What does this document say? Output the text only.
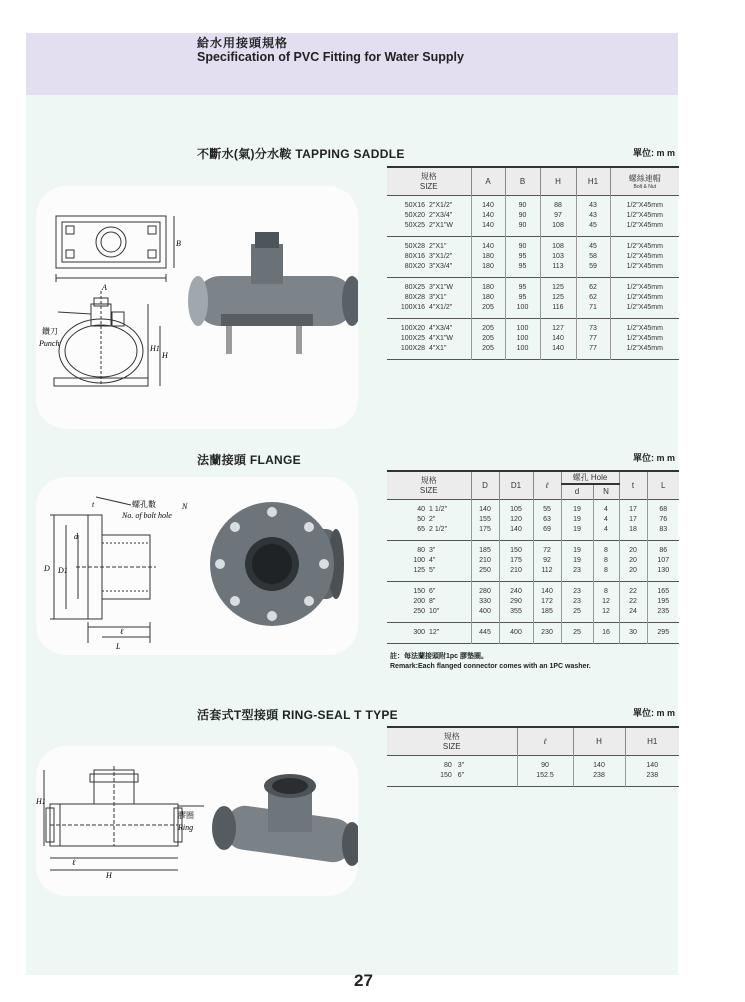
給水用接頭規格
Specification of PVC Fitting for Water Supply
不斷水(氣)分水鞍 TAPPING SADDLE	單位: m m
A
B
H1
H
鑽刀
Punch
規格
SIZE	A	B	H	H1	螺絲連帽
Bolt & Nut

50X16 2"X1/2"	140	90	88	43	1/2"X45mm
50X20 2"X3/4"	140	90	97	43	1/2"X45mm
50X25 2"X1"W	140	90	108	45	1/2"X45mm
50X28 2"X1"	140	90	108	45	1/2"X45mm
80X16 3"X1/2"	180	95	103	58	1/2"X45mm
80X20 3"X3/4"	180	95	113	59	1/2"X45mm
80X25 3"X1"W	180	95	125	62	1/2"X45mm
80X28 3"X1"	180	95	125	62	1/2"X45mm
100X16 4"X1/2"	205	100	116	71	1/2"X45mm
100X20 4"X3/4"	205	100	127	73	1/2"X45mm
100X25 4"X1"W	205	100	140	77	1/2"X45mm
100X28 4"X1"	205	100	140	77	1/2"X45mm
法蘭接頭 FLANGE	單位: m m
D D1
d
t
ℓ
L
螺孔數	N
No. of bolt hole
規格
SIZE	D	D1	ℓ	螺孔 Hole		t	L
				d	N		
40 1 1/2"	140	105	55	19	4	17	68
50 2"	155	120	63	19	4	17	76
65 2 1/2"	175	140	69	19	4	18	83
80 3"	185	150	72	19	8	20	86
100 4"	210	175	92	19	8	20	107
125 5"	250	210	112	23	8	20	130
150 6"	280	240	140	23	8	22	165
200 8"	330	290	172	23	12	22	195
250 10"	400	355	185	25	12	24	235
300 12"	445	400	230	25	16	30	295
註：每法蘭接頭附1pc 膠墊圈。
Remark:Each flanged connector comes with an 1PC washer.
活套式T型接頭 RING-SEAL T TYPE	單位: m m
H1
H
ℓ
膠圈
Ring
規格
SIZE	ℓ	H	H1
80 3"	90	140	140
150 6"	152.5	238	238
27
